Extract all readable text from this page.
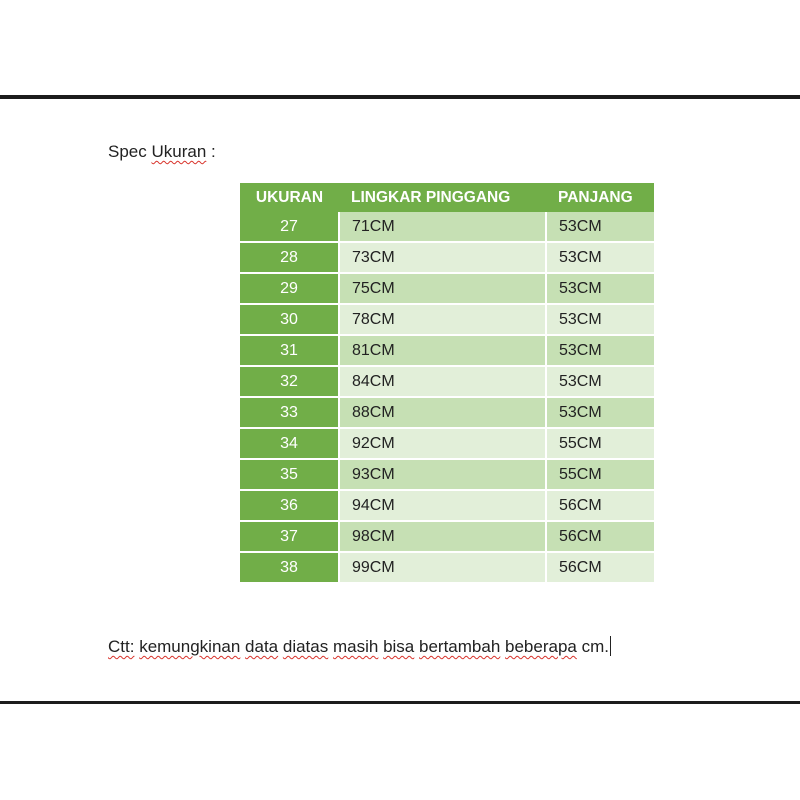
Spec Ukuran :
UKURAN	LINGKAR PINGGANG	PANJANG
27	71CM	53CM
28	73CM	53CM
29	75CM	53CM
30	78CM	53CM
31	81CM	53CM
32	84CM	53CM
33	88CM	53CM
34	92CM	55CM
35	93CM	55CM
36	94CM	56CM
37	98CM	56CM
38	99CM	56CM
Ctt: kemungkinan data diatas masih bisa bertambah beberapa cm.
